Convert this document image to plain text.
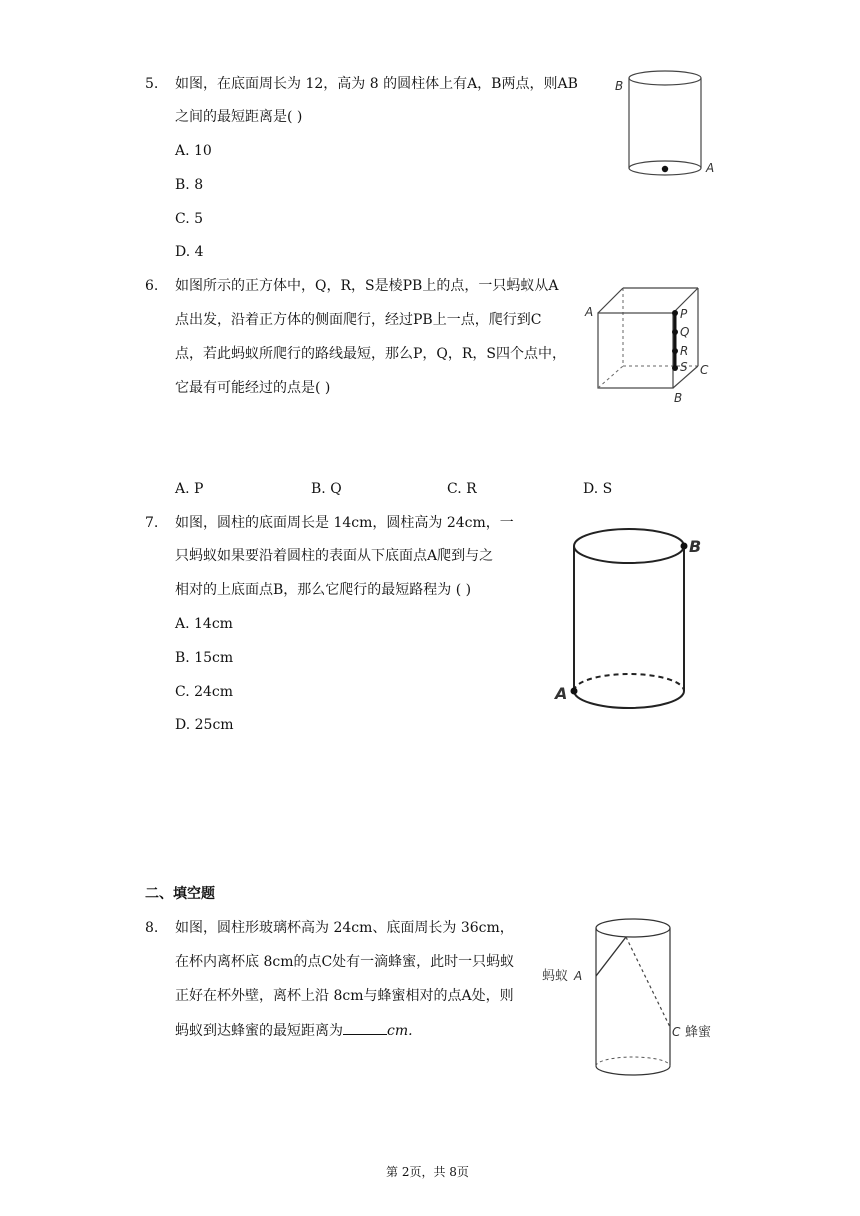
5. 如图，在底面周长为 12，高为 8 的圆柱体上有A，B两点，则AB
之间的最短距离是( )
A. 10
B. 8
C. 5
D. 4
B
A
6. 如图所示的正方体中，Q，R，S是棱PB上的点，一只蚂蚁从A
点出发，沿着正方体的侧面爬行，经过PB上一点，爬行到C
点，若此蚂蚁所爬行的路线最短，那么P，Q，R，S四个点中，
它最有可能经过的点是( )
A	P
Q
R
S C
B
A. P	B. Q	C. R	D. S
7. 如图，圆柱的底面周长是 14cm，圆柱高为 24cm，一
只蚂蚁如果要沿着圆柱的表面从下底面点A爬到与之
相对的上底面点B，那么它爬行的最短路程为 ( )
A. 14cm
B. 15cm
C. 24cm
D. 25cm
B
A
二、填空题
8. 如图，圆柱形玻璃杯高为 24cm、底面周长为 36cm，
在杯内离杯底 8cm的点C处有一滴蜂蜜，此时一只蚂蚁
正好在杯外壁，离杯上沿 8cm与蜂蜜相对的点A处，则
蚂蚁到达蜂蜜的最短距离为	cm.
蚂蚁 A
C 蜂蜜
第 2页，共 8页
